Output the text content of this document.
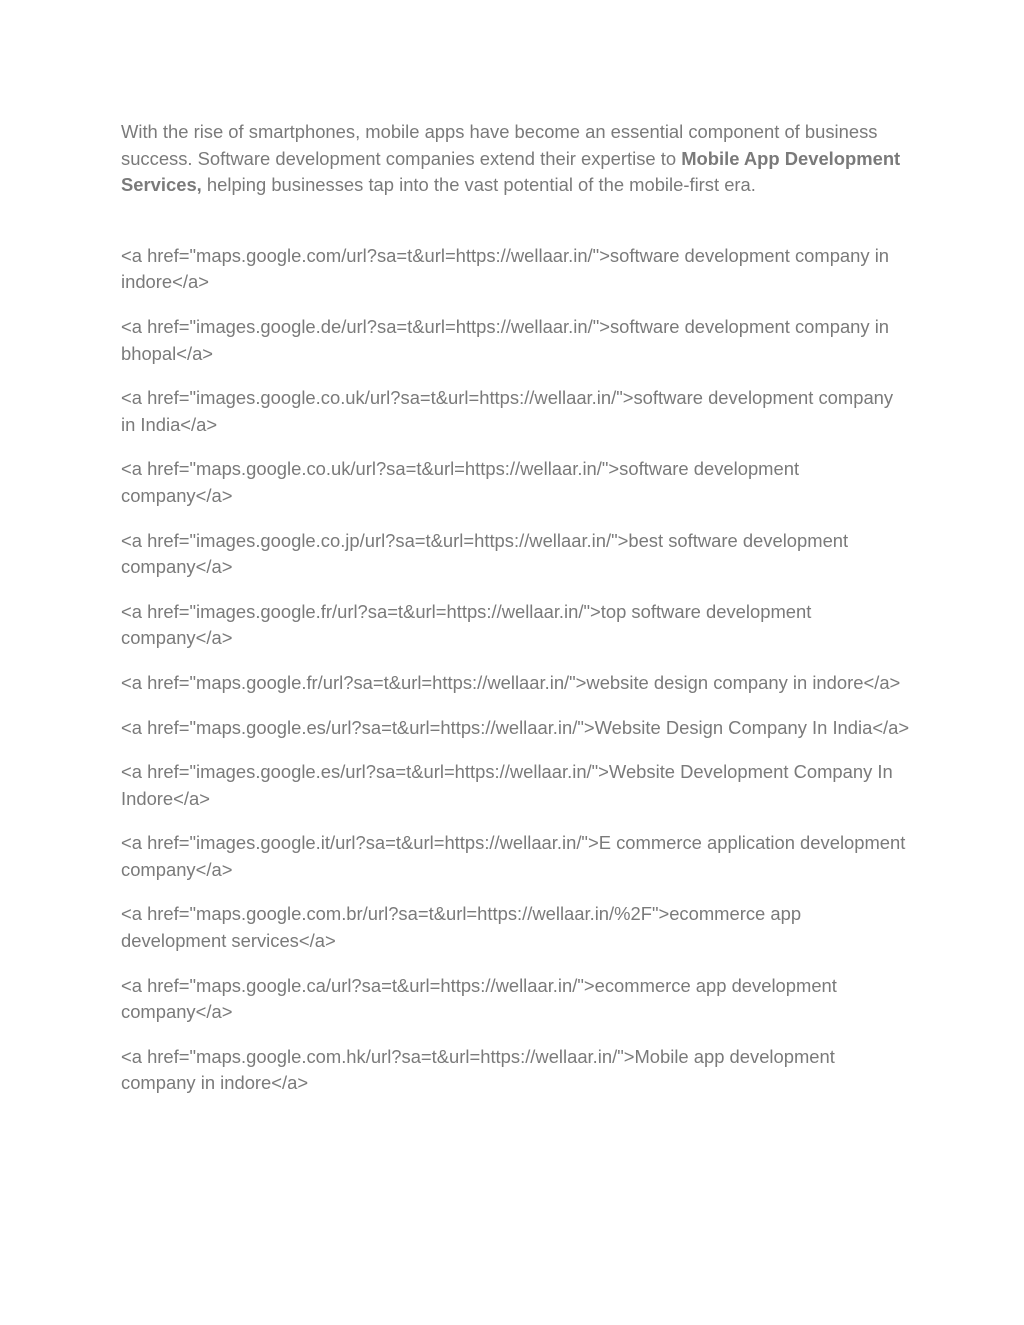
With the rise of smartphones, mobile apps have become an essential component of business success. Software development companies extend their expertise to Mobile App Development Services, helping businesses tap into the vast potential of the mobile-first era.

<a href="maps.google.com/url?sa=t&url=https://wellaar.in/">software development company in indore</a>

<a href="images.google.de/url?sa=t&url=https://wellaar.in/">software development company in bhopal</a>

<a href="images.google.co.uk/url?sa=t&url=https://wellaar.in/">software development company in India</a>

<a href="maps.google.co.uk/url?sa=t&url=https://wellaar.in/">software development company</a>

<a href="images.google.co.jp/url?sa=t&url=https://wellaar.in/">best software development company</a>

<a href="images.google.fr/url?sa=t&url=https://wellaar.in/">top software development company</a>

<a href="maps.google.fr/url?sa=t&url=https://wellaar.in/">website design company in indore</a>

<a href="maps.google.es/url?sa=t&url=https://wellaar.in/">Website Design Company In India</a>

<a href="images.google.es/url?sa=t&url=https://wellaar.in/">Website Development Company In Indore</a>

<a href="images.google.it/url?sa=t&url=https://wellaar.in/">E commerce application development company</a>

<a href="maps.google.com.br/url?sa=t&url=https://wellaar.in/%2F">ecommerce app development services</a>

<a href="maps.google.ca/url?sa=t&url=https://wellaar.in/">ecommerce app development company</a>

<a href="maps.google.com.hk/url?sa=t&url=https://wellaar.in/">Mobile app development company in indore</a>
